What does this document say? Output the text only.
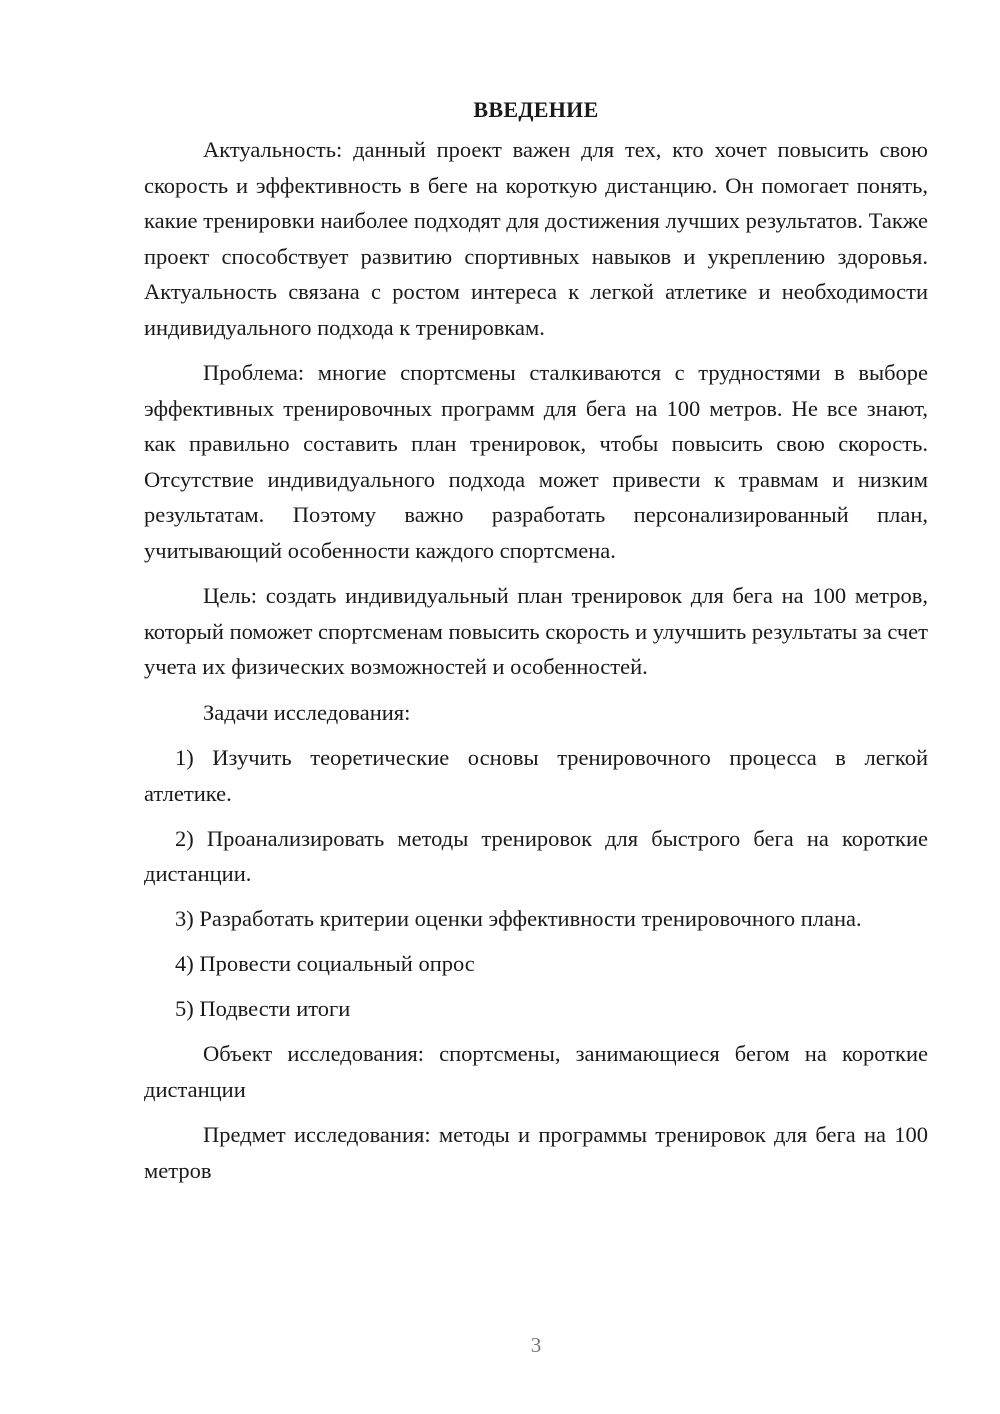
ВВЕДЕНИЕ

Актуальность: данный проект важен для тех, кто хочет повысить свою скорость и эффективность в беге на короткую дистанцию. Он помогает понять, какие тренировки наиболее подходят для достижения лучших результатов. Также проект способствует развитию спортивных навыков и укреплению здоровья. Актуальность связана с ростом интереса к легкой атлетике и необходимости индивидуального подхода к тренировкам.

Проблема: многие спортсмены сталкиваются с трудностями в выборе эффективных тренировочных программ для бега на 100 метров. Не все знают, как правильно составить план тренировок, чтобы повысить свою скорость. Отсутствие индивидуального подхода может привести к травмам и низким результатам. Поэтому важно разработать персонализированный план, учитывающий особенности каждого спортсмена.

Цель: создать индивидуальный план тренировок для бега на 100 метров, который поможет спортсменам повысить скорость и улучшить результаты за счет учета их физических возможностей и особенностей.

Задачи исследования:

1) Изучить теоретические основы тренировочного процесса в легкой атлетике.

2) Проанализировать методы тренировок для быстрого бега на короткие дистанции.

3) Разработать критерии оценки эффективности тренировочного плана.

4) Провести социальный опрос

5) Подвести итоги

Объект исследования: спортсмены, занимающиеся бегом на короткие дистанции

Предмет исследования: методы и программы тренировок для бега на 100 метров

3
